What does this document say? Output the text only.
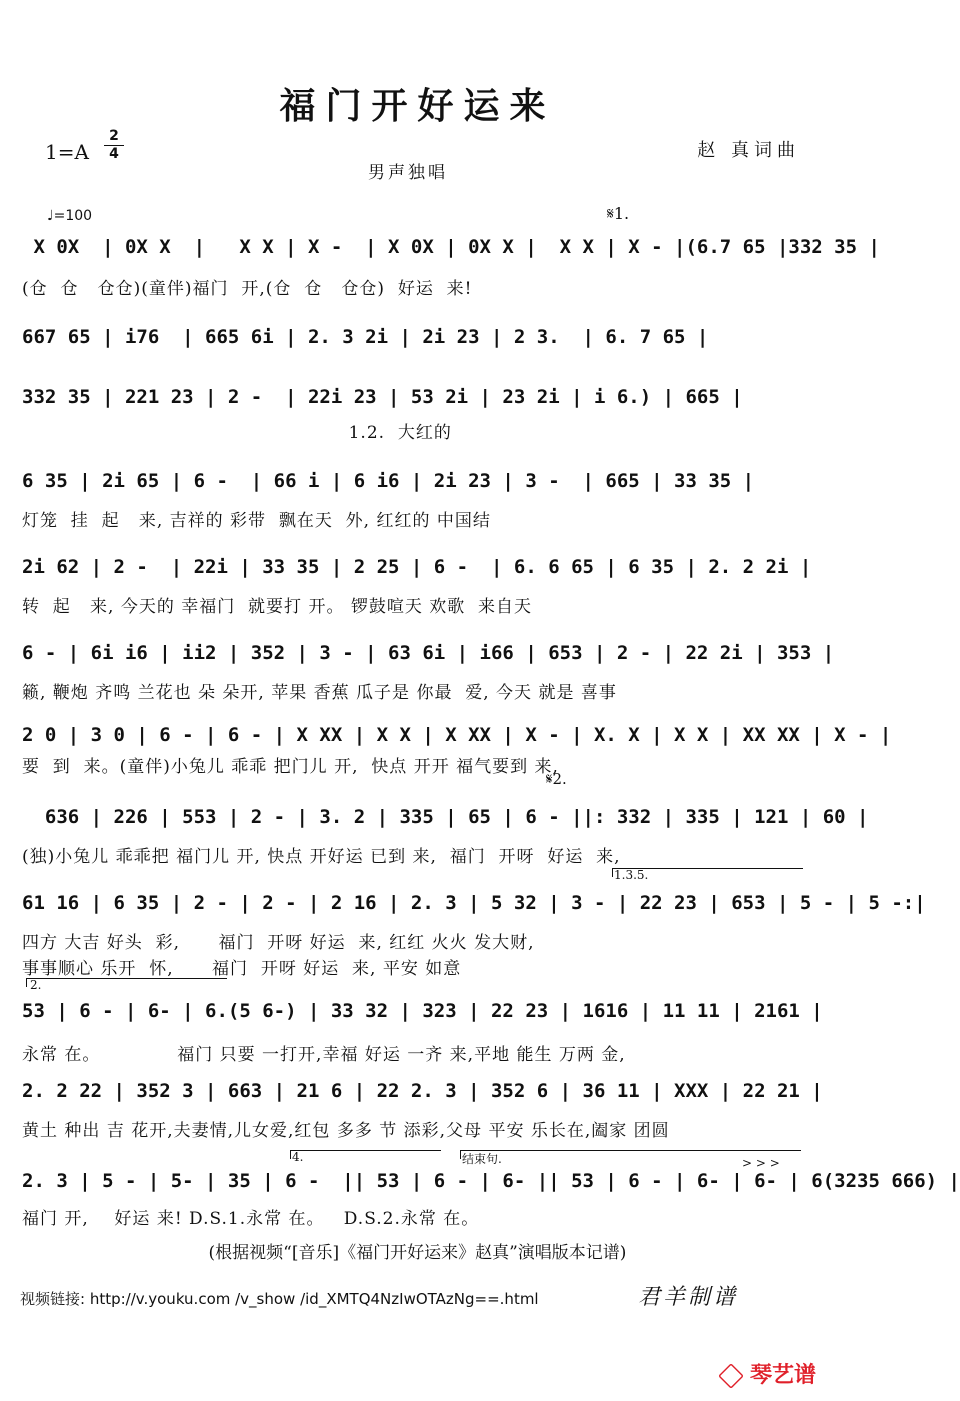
福门开好运来
1=A
2
4	赵 真词曲
男声独唱
♩=100	𝄋1.
𝄋2.
X 0X  | 0X X  |   X X | X -  | X 0X | 0X X |  X X | X - |(6.7 65 |332 35 |
(仓  仓   仓仓)(童伴)福门  开,(仓  仓   仓仓)  好运  来!
667 65 | i76  | 665 6i | 2. 3 2i | 2i 23 | 2 3.  | 6. 7 65 |
332 35 | 221 23 | 2 -  | 22i 23 | 53 2i | 23 2i | i 6.) | 665 |
1.2.  大红的
6 35 | 2i 65 | 6 -  | 66 i | 6 i6 | 2i 23 | 3 -  | 665 | 33 35 |
灯笼  挂  起   来, 吉祥的 彩带  飘在天  外, 红红的 中国结
2i 62 | 2 -  | 22i | 33 35 | 2 25 | 6 -  | 6. 6 65 | 6 35 | 2. 2 2i |
转  起   来, 今天的 幸福门  就要打 开。 锣鼓喧天 欢歌  来自天
6 - | 6i i6 | ii2 | 352 | 3 - | 63 6i | i66 | 653 | 2 - | 22 2i | 353 |
籁, 鞭炮 齐鸣 兰花也 朵 朵开, 苹果 香蕉 瓜子是 你最  爱, 今天 就是 喜事
2 0 | 3 0 | 6 - | 6 - | X XX | X X | X XX | X - | X. X | X X | XX XX | X - |
要  到  来。(童伴)小兔儿 乖乖 把门儿 开,  快点 开开 福气要到 来,
636 | 226 | 553 | 2 - | 3. 2 | 335 | 65 | 6 - ||: 332 | 335 | 121 | 60 |
(独)小兔儿 乖乖把 福门儿 开, 快点 开好运 已到 来,  福门  开呀  好运  来,
1.3.5.
61 16 | 6 35 | 2 - | 2 - | 2 16 | 2. 3 | 5 32 | 3 - | 22 23 | 653 | 5 - | 5 -:|
四方 大吉 好头  彩,      福门  开呀 好运  来, 红红 火火 发大财,
事事顺心 乐开  怀,      福门  开呀 好运  来, 平安 如意
2.
53 | 6 - | 6- | 6.(5 6-) | 33 32 | 323 | 22 23 | 1616 | 11 11 | 2161 |
永常 在。            福门 只要 一打开,幸福 好运 一齐 来,平地 能生 万两 金,
2. 2 22 | 352 3 | 663 | 21 6 | 22 2. 3 | 352 6 | 36 11 | XXX | 22 21 |
黄土 种出 吉 花开,夫妻情,儿女爱,红包 多多 节 添彩,父母 平安 乐长在,阖家 团圆
4.	结束句.	> > >
2. 3 | 5 - | 5- | 35 | 6 -  || 53 | 6 - | 6- || 53 | 6 - | 6- | 6- | 6(3235 666) |
福门 开,    好运 来! D.S.1.永常 在。   D.S.2.永常 在。
(根据视频“[音乐]《福门开好运来》赵真”演唱版本记谱)
视频链接: http://v.youku.com /v_show /id_XMTQ4NzIwOTAzNg==.html	君羊制谱
琴艺谱
